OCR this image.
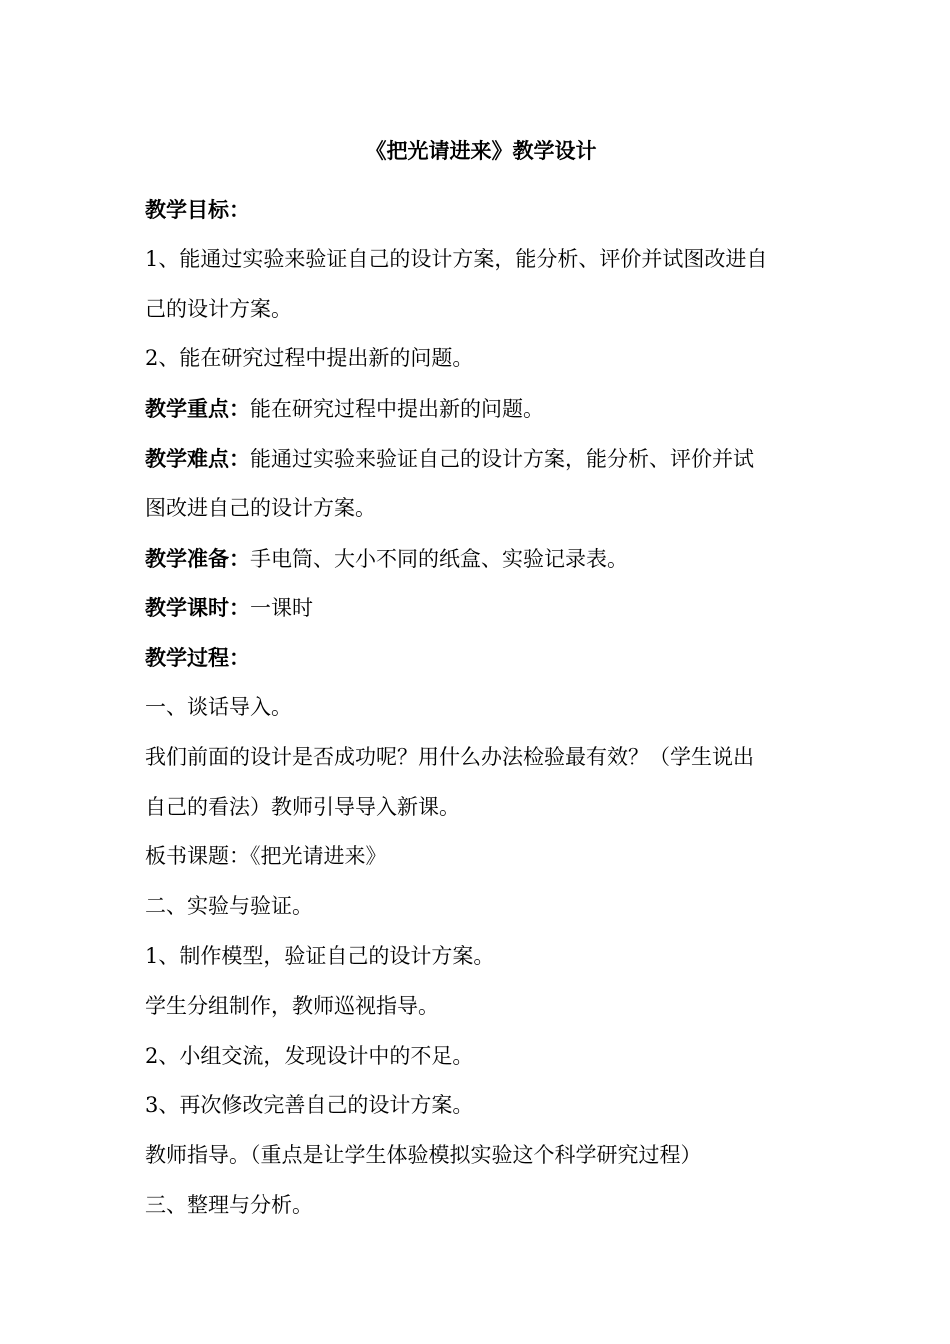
《把光请进来》教学设计
教学目标：
1、能通过实验来验证自己的设计方案，能分析、评价并试图改进自
己的设计方案。
2、能在研究过程中提出新的问题。
教学重点：能在研究过程中提出新的问题。
教学难点：能通过实验来验证自己的设计方案，能分析、评价并试
图改进自己的设计方案。
教学准备：手电筒、大小不同的纸盒、实验记录表。
教学课时：一课时
教学过程：
一、谈话导入。
我们前面的设计是否成功呢？用什么办法检验最有效？（学生说出
自己的看法）教师引导导入新课。
板书课题：《把光请进来》
二、实验与验证。
1、制作模型，验证自己的设计方案。
学生分组制作，教师巡视指导。
2、小组交流，发现设计中的不足。
3、再次修改完善自己的设计方案。
教师指导。（重点是让学生体验模拟实验这个科学研究过程）
三、整理与分析。
